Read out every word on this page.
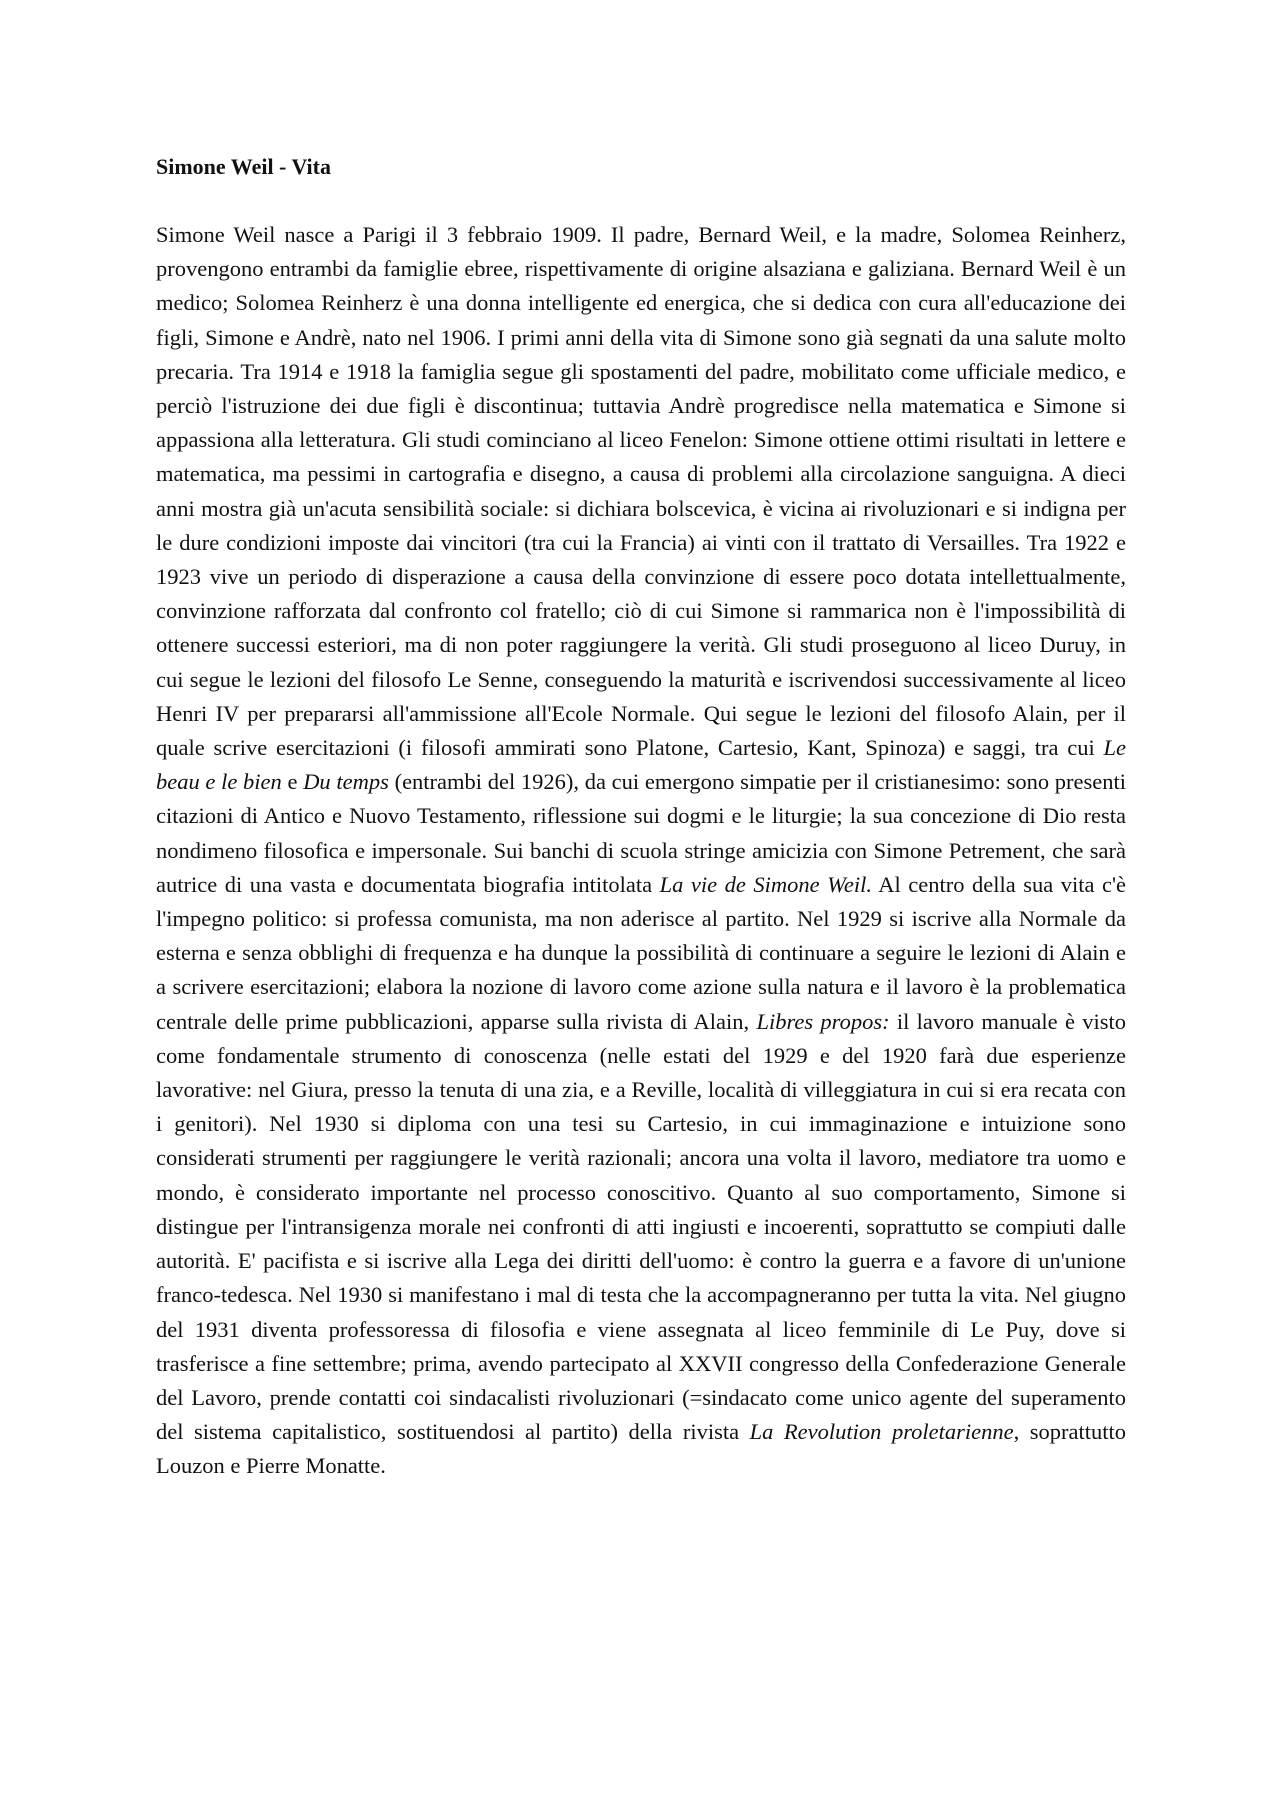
Simone Weil - Vita

Simone Weil nasce a Parigi il 3 febbraio 1909. Il padre, Bernard Weil, e la madre, Solomea Reinherz, provengono entrambi da famiglie ebree, rispettivamente di origine alsaziana e galiziana. Bernard Weil è un medico; Solomea Reinherz è una donna intelligente ed energica, che si dedica con cura all'educazione dei figli, Simone e Andrè, nato nel 1906. I primi anni della vita di Simone sono già segnati da una salute molto precaria. Tra 1914 e 1918 la famiglia segue gli spostamenti del padre, mobilitato come ufficiale medico, e perciò l'istruzione dei due figli è discontinua; tuttavia Andrè progredisce nella matematica e Simone si appassiona alla letteratura. Gli studi cominciano al liceo Fenelon: Simone ottiene ottimi risultati in lettere e matematica, ma pessimi in cartografia e disegno, a causa di problemi alla circolazione sanguigna. A dieci anni mostra già un'acuta sensibilità sociale: si dichiara bolscevica, è vicina ai rivoluzionari e si indigna per le dure condizioni imposte dai vincitori (tra cui la Francia) ai vinti con il trattato di Versailles. Tra 1922 e 1923 vive un periodo di disperazione a causa della convinzione di essere poco dotata intellettualmente, convinzione rafforzata dal confronto col fratello; ciò di cui Simone si rammarica non è l'impossibilità di ottenere successi esteriori, ma di non poter raggiungere la verità. Gli studi proseguono al liceo Duruy, in cui segue le lezioni del filosofo Le Senne, conseguendo la maturità e iscrivendosi successivamente al liceo Henri IV per prepararsi all'ammissione all'Ecole Normale. Qui segue le lezioni del filosofo Alain, per il quale scrive esercitazioni (i filosofi ammirati sono Platone, Cartesio, Kant, Spinoza) e saggi, tra cui Le beau e le bien e Du temps (entrambi del 1926), da cui emergono simpatie per il cristianesimo: sono presenti citazioni di Antico e Nuovo Testamento, riflessione sui dogmi e le liturgie; la sua concezione di Dio resta nondimeno filosofica e impersonale. Sui banchi di scuola stringe amicizia con Simone Petrement, che sarà autrice di una vasta e documentata biografia intitolata La vie de Simone Weil. Al centro della sua vita c'è l'impegno politico: si professa comunista, ma non aderisce al partito. Nel 1929 si iscrive alla Normale da esterna e senza obblighi di frequenza e ha dunque la possibilità di continuare a seguire le lezioni di Alain e a scrivere esercitazioni; elabora la nozione di lavoro come azione sulla natura e il lavoro è la problematica centrale delle prime pubblicazioni, apparse sulla rivista di Alain, Libres propos: il lavoro manuale è visto come fondamentale strumento di conoscenza (nelle estati del 1929 e del 1920 farà due esperienze lavorative: nel Giura, presso la tenuta di una zia, e a Reville, località di villeggiatura in cui si era recata con i genitori). Nel 1930 si diploma con una tesi su Cartesio, in cui immaginazione e intuizione sono considerati strumenti per raggiungere le verità razionali; ancora una volta il lavoro, mediatore tra uomo e mondo, è considerato importante nel processo conoscitivo. Quanto al suo comportamento, Simone si distingue per l'intransigenza morale nei confronti di atti ingiusti e incoerenti, soprattutto se compiuti dalle autorità. E' pacifista e si iscrive alla Lega dei diritti dell'uomo: è contro la guerra e a favore di un'unione franco-tedesca. Nel 1930 si manifestano i mal di testa che la accompagneranno per tutta la vita. Nel giugno del 1931 diventa professoressa di filosofia e viene assegnata al liceo femminile di Le Puy, dove si trasferisce a fine settembre; prima, avendo partecipato al XXVII congresso della Confederazione Generale del Lavoro, prende contatti coi sindacalisti rivoluzionari (=sindacato come unico agente del superamento del sistema capitalistico, sostituendosi al partito) della rivista La Revolution proletarienne, soprattutto Louzon e Pierre Monatte.
